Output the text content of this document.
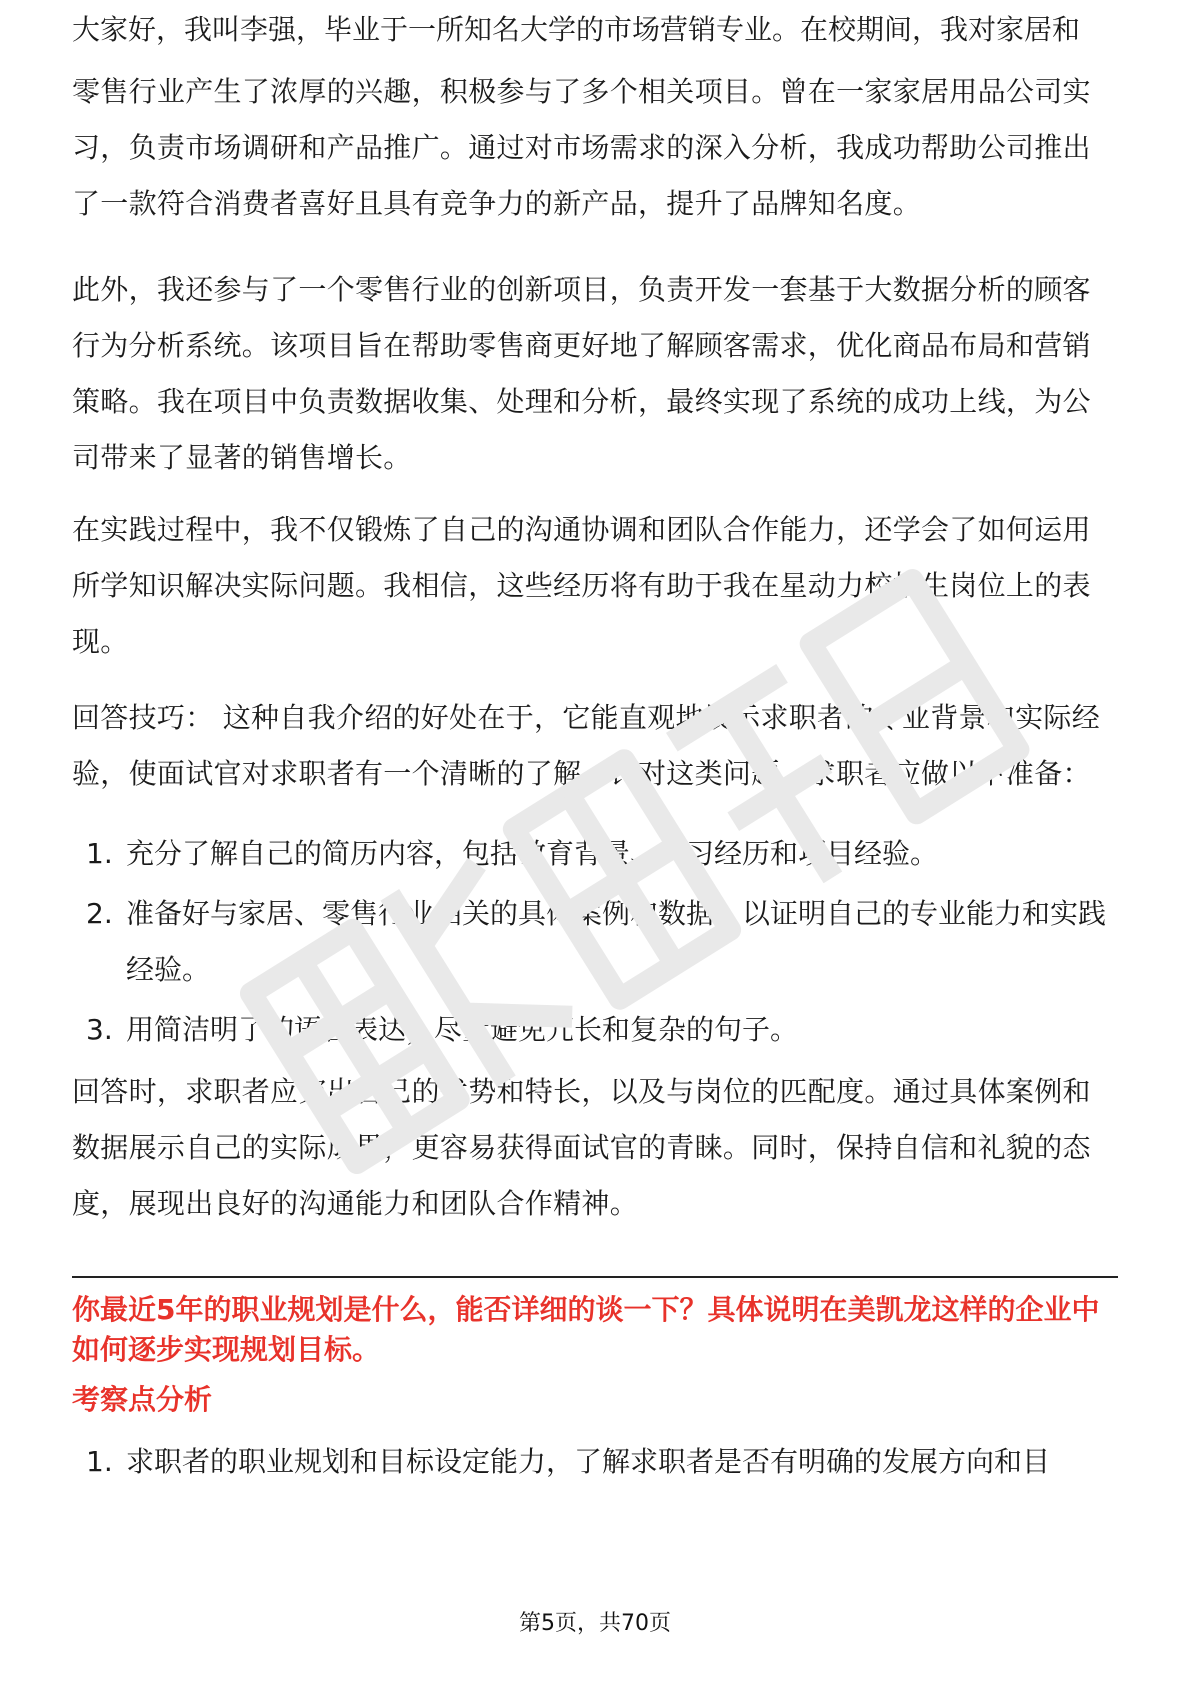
大家好，我叫李强，毕业于一所知名大学的市场营销专业。在校期间，我对家居和

零售行业产生了浓厚的兴趣，积极参与了多个相关项目。曾在一家家居用品公司实习，负责市场调研和产品推广。通过对市场需求的深入分析，我成功帮助公司推出了一款符合消费者喜好且具有竞争力的新产品，提升了品牌知名度。

此外，我还参与了一个零售行业的创新项目，负责开发一套基于大数据分析的顾客行为分析系统。该项目旨在帮助零售商更好地了解顾客需求，优化商品布局和营销策略。我在项目中负责数据收集、处理和分析，最终实现了系统的成功上线，为公司带来了显著的销售增长。

在实践过程中，我不仅锻炼了自己的沟通协调和团队合作能力，还学会了如何运用所学知识解决实际问题。我相信，这些经历将有助于我在星动力校招生岗位上的表现。

回答技巧： 这种自我介绍的好处在于，它能直观地展示求职者的专业背景和实际经验，使面试官对求职者有一个清晰的了解。针对这类问题，求职者应做以下准备：

1. 充分了解自己的简历内容，包括教育背景、实习经历和项目经验。
2. 准备好与家居、零售行业相关的具体案例和数据，以证明自己的专业能力和实践经验。
3. 用简洁明了的语言表达，尽量避免冗长和复杂的句子。

回答时，求职者应突出自己的优势和特长，以及与岗位的匹配度。通过具体案例和数据展示自己的实际成果，更容易获得面试官的青睐。同时，保持自信和礼貌的态度，展现出良好的沟通能力和团队合作精神。

你最近5年的职业规划是什么，能否详细的谈一下？具体说明在美凯龙这样的企业中如何逐步实现规划目标。

考察点分析

1. 求职者的职业规划和目标设定能力，了解求职者是否有明确的发展方向和目
第5页，共70页
